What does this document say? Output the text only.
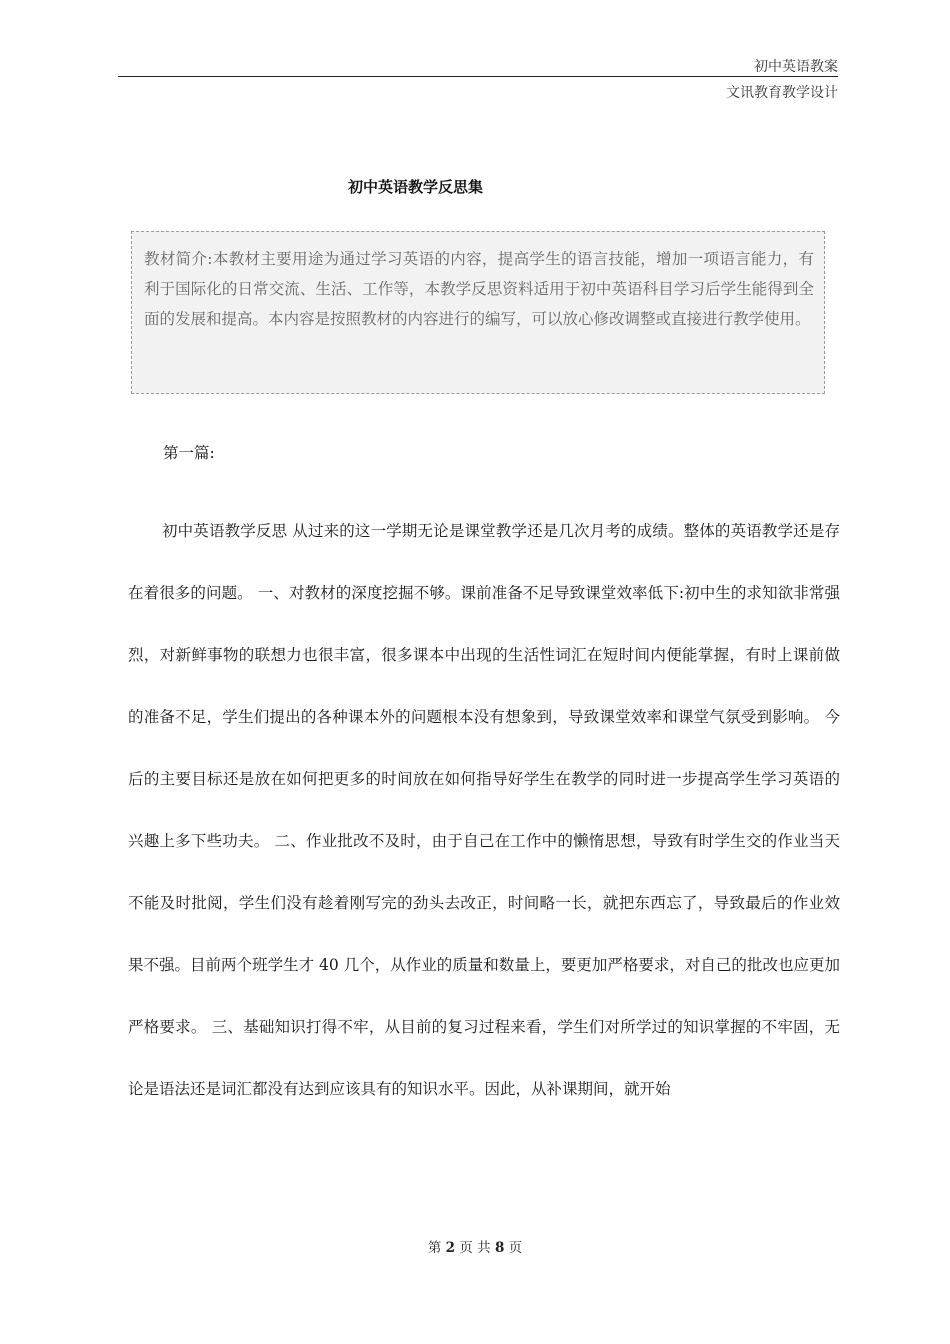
初中英语教案
文讯教育教学设计
初中英语教学反思集

教材简介:本教材主要用途为通过学习英语的内容，提高学生的语言技能，增加一项语言能力，有利于国际化的日常交流、生活、工作等，本教学反思资料适用于初中英语科目学习后学生能得到全面的发展和提高。本内容是按照教材的内容进行的编写，可以放心修改调整或直接进行教学使用。

第一篇:

初中英语教学反思 从过来的这一学期无论是课堂教学还是几次月考的成绩。整体的英语教学还是存在着很多的问题。 一、对教材的深度挖掘不够。课前准备不足导致课堂效率低下:初中生的求知欲非常强烈，对新鲜事物的联想力也很丰富，很多课本中出现的生活性词汇在短时间内便能掌握，有时上课前做的准备不足，学生们提出的各种课本外的问题根本没有想象到，导致课堂效率和课堂气氛受到影响。 今后的主要目标还是放在如何把更多的时间放在如何指导好学生在教学的同时进一步提高学生学习英语的兴趣上多下些功夫。 二、作业批改不及时，由于自己在工作中的懒惰思想，导致有时学生交的作业当天不能及时批阅，学生们没有趁着刚写完的劲头去改正，时间略一长，就把东西忘了，导致最后的作业效果不强。目前两个班学生才 40 几个，从作业的质量和数量上，要更加严格要求，对自己的批改也应更加严格要求。 三、基础知识打得不牢，从目前的复习过程来看，学生们对所学过的知识掌握的不牢固，无论是语法还是词汇都没有达到应该具有的知识水平。因此，从补课期间，就开始

第 2 页 共 8 页
